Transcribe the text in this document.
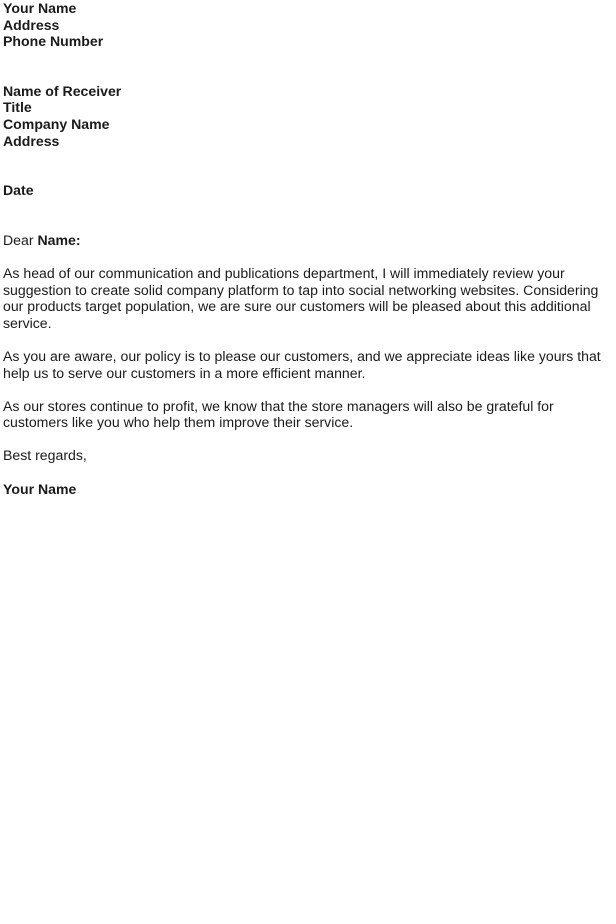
Your Name
Address
Phone Number
Name of Receiver
Title
Company Name
Address
Date
Dear Name:
As head of our communication and publications department, I will immediately review your
suggestion to create solid company platform to tap into social networking websites. Considering
our products target population, we are sure our customers will be pleased about this additional
service.
As you are aware, our policy is to please our customers, and we appreciate ideas like yours that
help us to serve our customers in a more efficient manner.
As our stores continue to profit, we know that the store managers will also be grateful for
customers like you who help them improve their service.
Best regards,
Your Name
